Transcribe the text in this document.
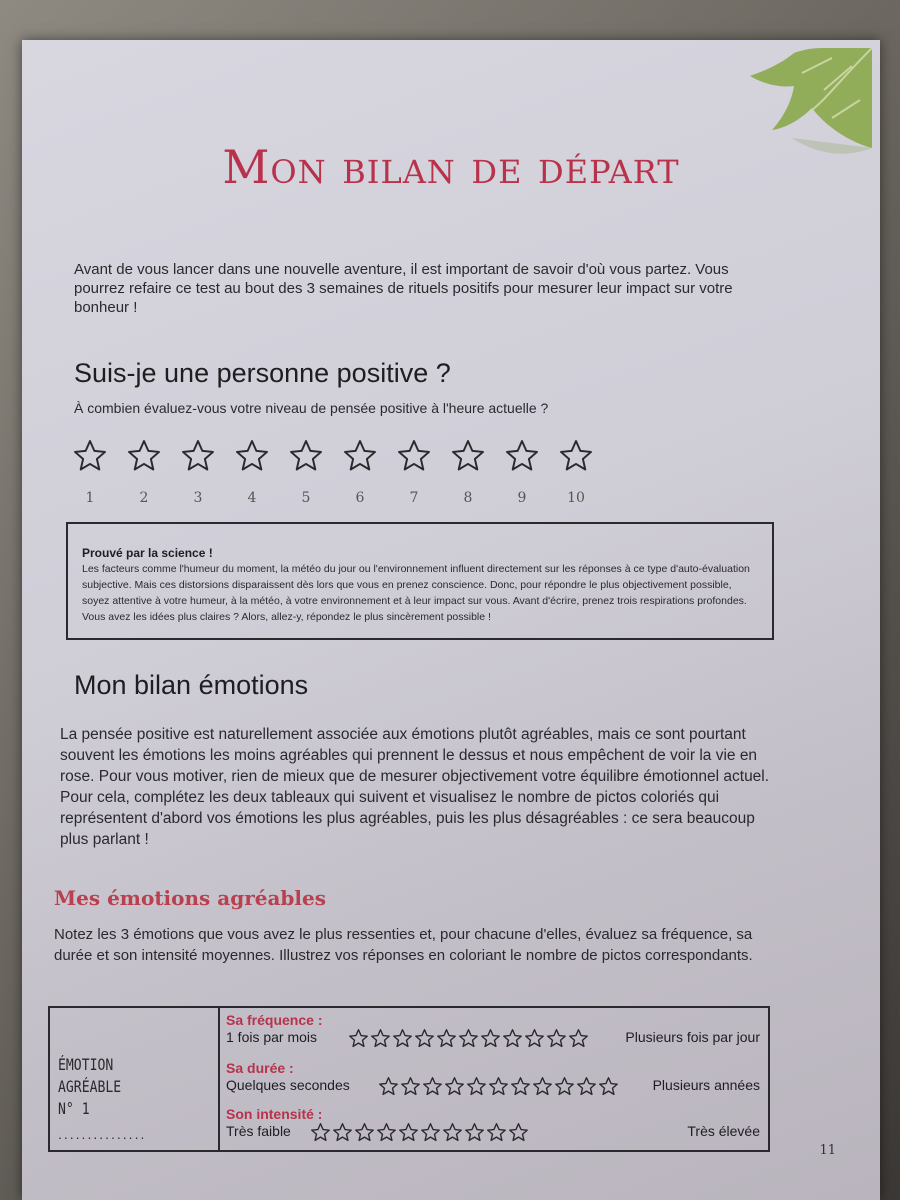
Mon bilan de départ
Avant de vous lancer dans une nouvelle aventure, il est important de savoir d'où vous partez. Vous pourrez refaire ce test au bout des 3 semaines de rituels positifs pour mesurer leur impact sur votre bonheur !
Suis-je une personne positive ?
À combien évaluez-vous votre niveau de pensée positive à l'heure actuelle ?
1	2	3	4	5	6	7	8	9	10
Prouvé par la science !
Les facteurs comme l'humeur du moment, la météo du jour ou l'environnement influent directement sur les réponses à ce type d'auto-évaluation subjective. Mais ces distorsions disparaissent dès lors que vous en prenez conscience. Donc, pour répondre le plus objectivement possible, soyez attentive à votre humeur, à la météo, à votre environnement et à leur impact sur vous. Avant d'écrire, prenez trois respirations profondes. Vous avez les idées plus claires ? Alors, allez-y, répondez le plus sincèrement possible !
Mon bilan émotions
La pensée positive est naturellement associée aux émotions plutôt agréables, mais ce sont pourtant souvent les émotions les moins agréables qui prennent le dessus et nous empêchent de voir la vie en rose. Pour vous motiver, rien de mieux que de mesurer objectivement votre équilibre émotionnel actuel. Pour cela, complétez les deux tableaux qui suivent et visualisez le nombre de pictos coloriés qui représentent d'abord vos émotions les plus agréables, puis les plus désagréables : ce sera beaucoup plus parlant !
Mes émotions agréables
Notez les 3 émotions que vous avez le plus ressenties et, pour chacune d'elles, évaluez sa fréquence, sa durée et son intensité moyennes. Illustrez vos réponses en coloriant le nombre de pictos correspondants.
ÉMOTION AGRÉABLE
N° 1
...............
Sa fréquence :
1 fois par mois	Plusieurs fois par jour
Sa durée :
Quelques secondes	Plusieurs années
Son intensité :
Très faible	Très élevée
11
